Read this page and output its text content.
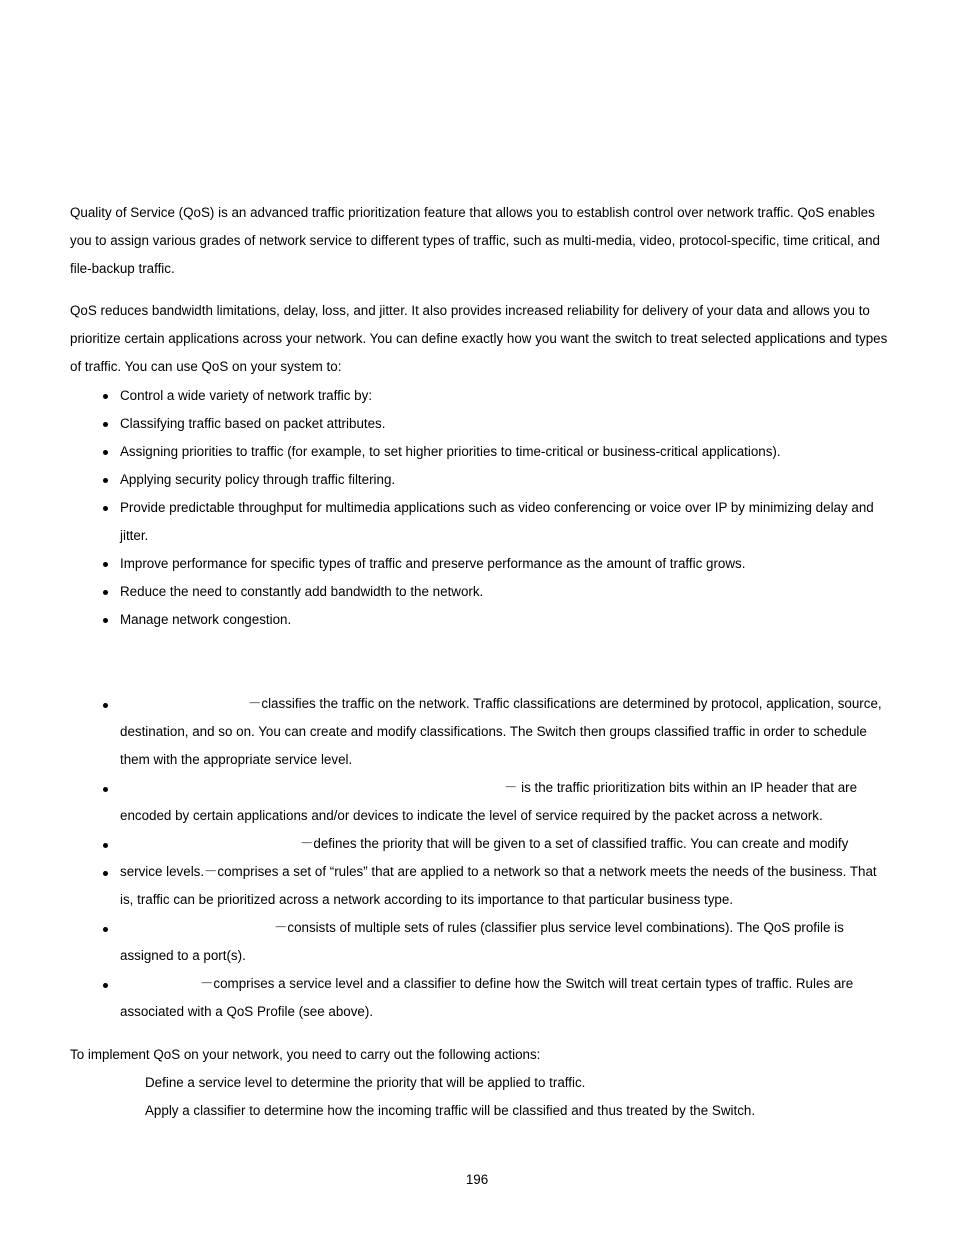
Quality of Service (QoS) is an advanced traffic prioritization feature that allows you to establish control over network traffic. QoS enables you to assign various grades of network service to different types of traffic, such as multi-media, video, protocol-specific, time critical, and file-backup traffic.

QoS reduces bandwidth limitations, delay, loss, and jitter. It also provides increased reliability for delivery of your data and allows you to prioritize certain applications across your network. You can define exactly how you want the switch to treat selected applications and types of traffic. You can use QoS on your system to:

Control a wide variety of network traffic by:
Classifying traffic based on packet attributes.
Assigning priorities to traffic (for example, to set higher priorities to time-critical or business-critical applications).
Applying security policy through traffic filtering.
Provide predictable throughput for multimedia applications such as video conferencing or voice over IP by minimizing delay and jitter.
Improve performance for specific types of traffic and preserve performance as the amount of traffic grows.
Reduce the need to constantly add bandwidth to the network.
Manage network congestion.
－classifies the traffic on the network. Traffic classifications are determined by protocol, application, source, destination, and so on. You can create and modify classifications. The Switch then groups classified traffic in order to schedule them with the appropriate service level.
－ is the traffic prioritization bits within an IP header that are encoded by certain applications and/or devices to indicate the level of service required by the packet across a network.
－defines the priority that will be given to a set of classified traffic. You can create and modify service levels. －comprises a set of “rules” that are applied to a network so that a network meets the needs of the business. That is, traffic can be prioritized across a network according to its importance to that particular business type.
－consists of multiple sets of rules (classifier plus service level combinations). The QoS profile is assigned to a port(s).
－comprises a service level and a classifier to define how the Switch will treat certain types of traffic. Rules are associated with a QoS Profile (see above).
To implement QoS on your network, you need to carry out the following actions:
Define a service level to determine the priority that will be applied to traffic.
Apply a classifier to determine how the incoming traffic will be classified and thus treated by the Switch.
196
